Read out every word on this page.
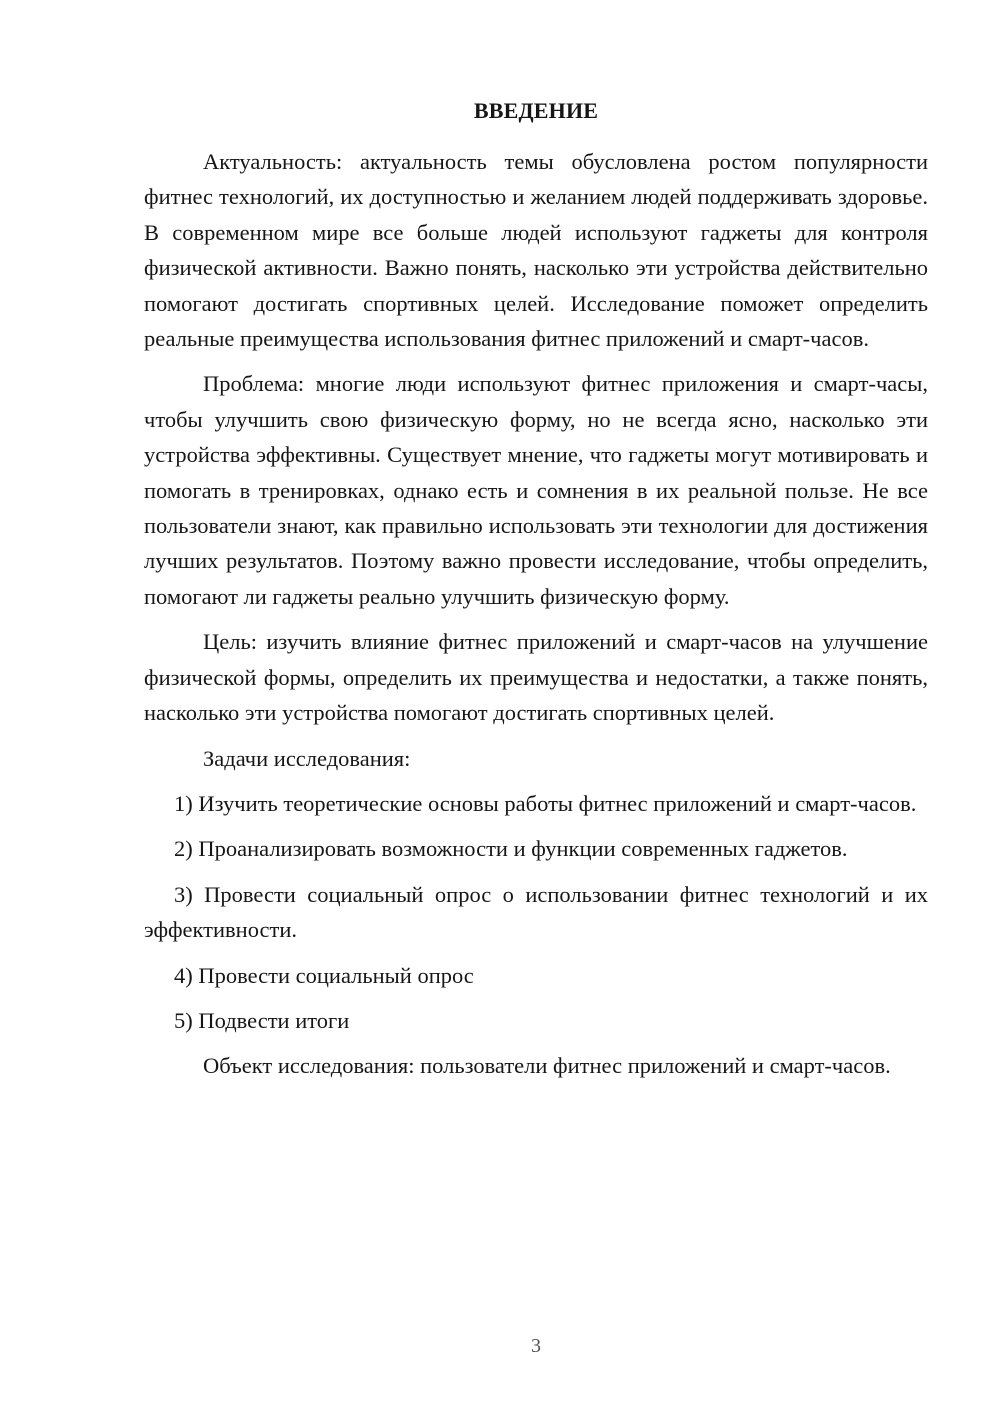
ВВЕДЕНИЕ

Актуальность: актуальность темы обусловлена ростом популярности фитнес технологий, их доступностью и желанием людей поддерживать здоровье. В современном мире все больше людей используют гаджеты для контроля физической активности. Важно понять, насколько эти устройства действительно помогают достигать спортивных целей. Исследование поможет определить реальные преимущества использования фитнес приложений и смарт-часов.

Проблема: многие люди используют фитнес приложения и смарт-часы, чтобы улучшить свою физическую форму, но не всегда ясно, насколько эти устройства эффективны. Существует мнение, что гаджеты могут мотивировать и помогать в тренировках, однако есть и сомнения в их реальной пользе. Не все пользователи знают, как правильно использовать эти технологии для достижения лучших результатов. Поэтому важно провести исследование, чтобы определить, помогают ли гаджеты реально улучшить физическую форму.

Цель: изучить влияние фитнес приложений и смарт-часов на улучшение физической формы, определить их преимущества и недостатки, а также понять, насколько эти устройства помогают достигать спортивных целей.

Задачи исследования:

1) Изучить теоретические основы работы фитнес приложений и смарт-часов.

2) Проанализировать возможности и функции современных гаджетов.

3) Провести социальный опрос о использовании фитнес технологий и их эффективности.

4) Провести социальный опрос

5) Подвести итоги

Объект исследования: пользователи фитнес приложений и смарт-часов.

3
